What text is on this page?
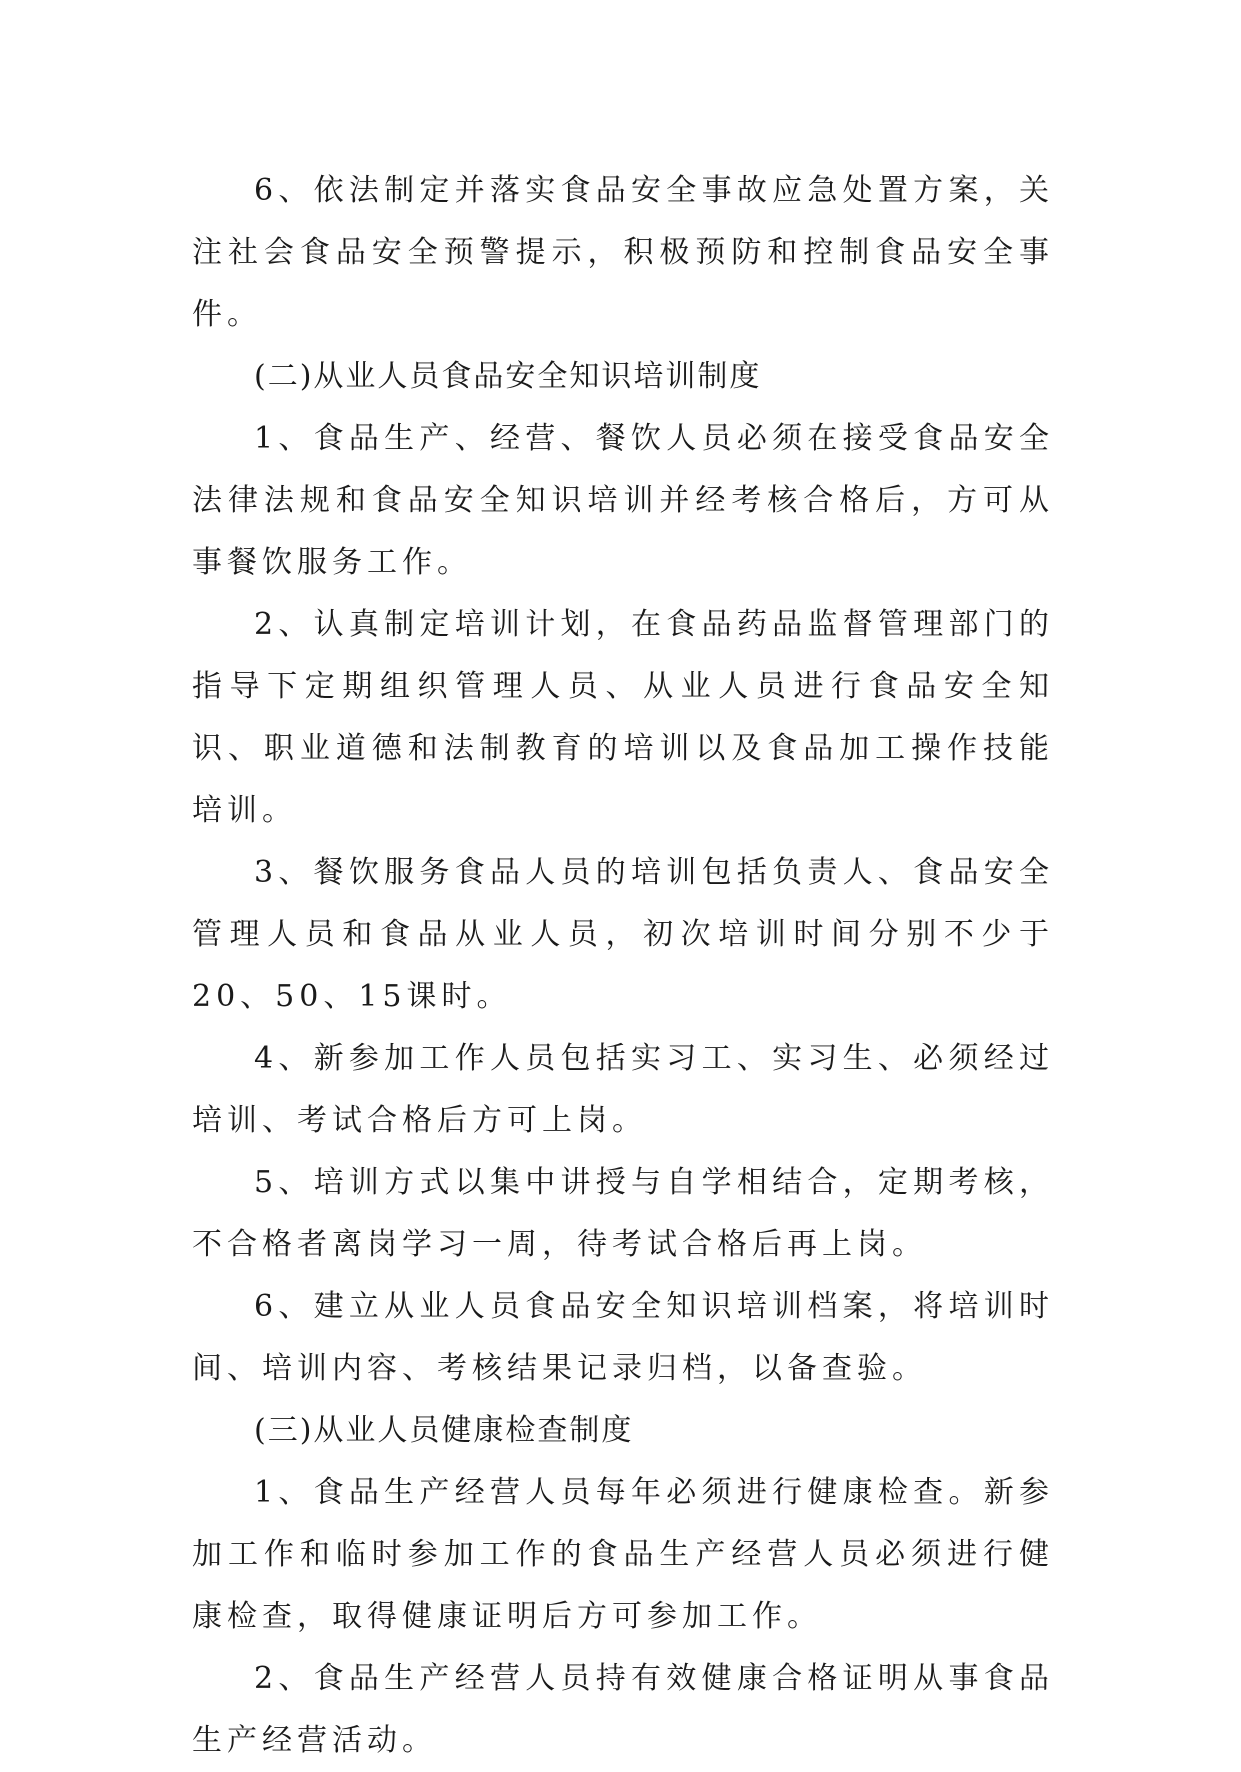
6、依法制定并落实食品安全事故应急处置方案，关注社会食品安全预警提示，积极预防和控制食品安全事件。

(二)从业人员食品安全知识培训制度

1、食品生产、经营、餐饮人员必须在接受食品安全法律法规和食品安全知识培训并经考核合格后，方可从事餐饮服务工作。

2、认真制定培训计划，在食品药品监督管理部门的指导下定期组织管理人员、从业人员进行食品安全知识、职业道德和法制教育的培训以及食品加工操作技能培训。

3、餐饮服务食品人员的培训包括负责人、食品安全管理人员和食品从业人员，初次培训时间分别不少于20、50、15课时。

4、新参加工作人员包括实习工、实习生、必须经过培训、考试合格后方可上岗。

5、培训方式以集中讲授与自学相结合，定期考核，不合格者离岗学习一周，待考试合格后再上岗。

6、建立从业人员食品安全知识培训档案，将培训时间、培训内容、考核结果记录归档，以备查验。

(三)从业人员健康检查制度

1、食品生产经营人员每年必须进行健康检查。新参加工作和临时参加工作的食品生产经营人员必须进行健康检查，取得健康证明后方可参加工作。

2、食品生产经营人员持有效健康合格证明从事食品生产经营活动。
